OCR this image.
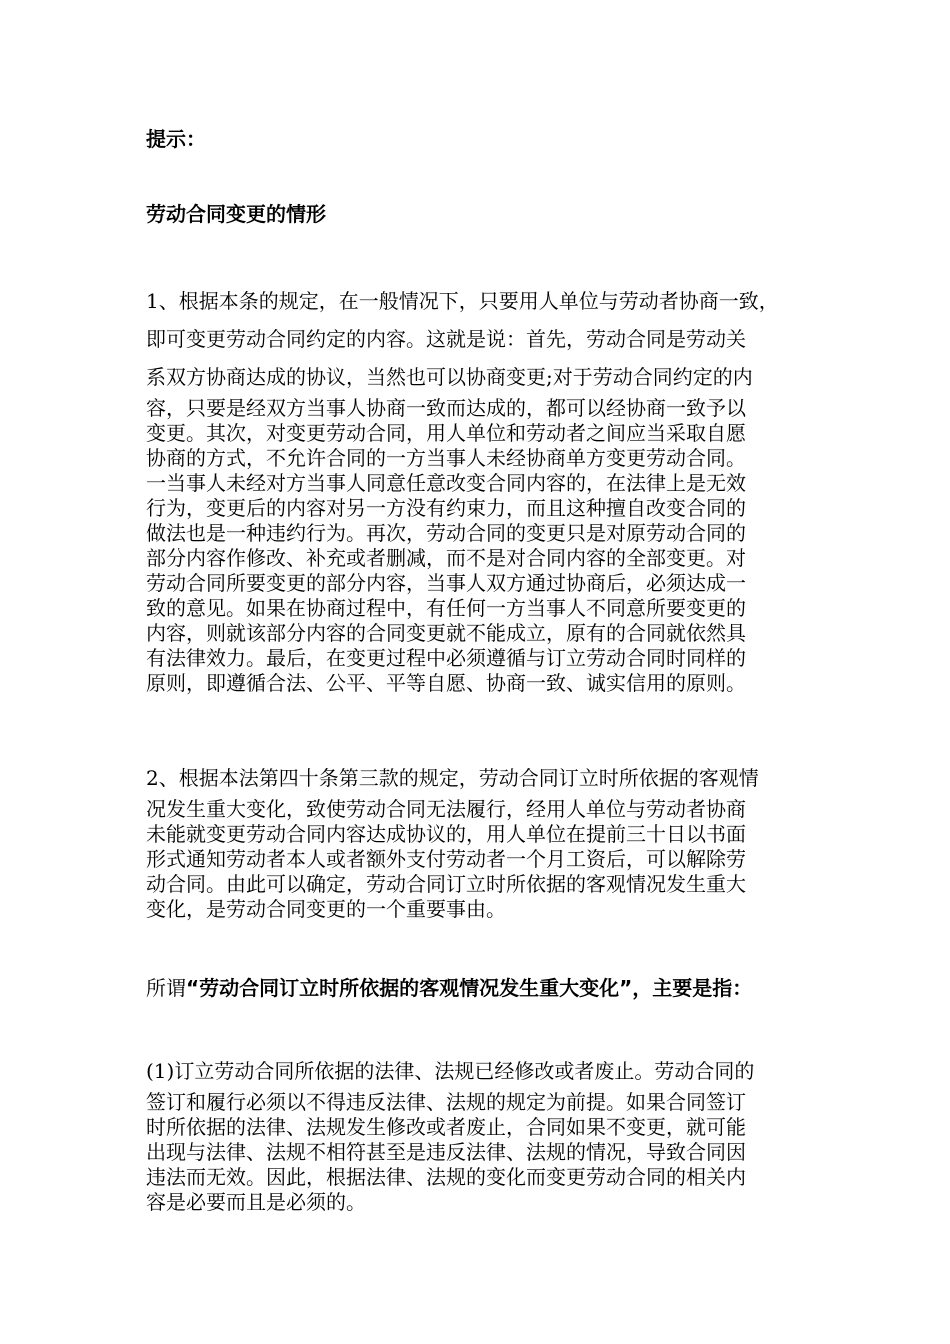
提示：

劳动合同变更的情形

1、根据本条的规定，在一般情况下，只要用人单位与劳动者协商一致，
即可变更劳动合同约定的内容。这就是说：首先，劳动合同是劳动关
系双方协商达成的协议，当然也可以协商变更;对于劳动合同约定的内
容，只要是经双方当事人协商一致而达成的，都可以经协商一致予以
变更。其次，对变更劳动合同，用人单位和劳动者之间应当采取自愿
协商的方式，不允许合同的一方当事人未经协商单方变更劳动合同。
一当事人未经对方当事人同意任意改变合同内容的，在法律上是无效
行为，变更后的内容对另一方没有约束力，而且这种擅自改变合同的
做法也是一种违约行为。再次，劳动合同的变更只是对原劳动合同的
部分内容作修改、补充或者删减，而不是对合同内容的全部变更。对
劳动合同所要变更的部分内容，当事人双方通过协商后，必须达成一
致的意见。如果在协商过程中，有任何一方当事人不同意所要变更的
内容，则就该部分内容的合同变更就不能成立，原有的合同就依然具
有法律效力。最后，在变更过程中必须遵循与订立劳动合同时同样的
原则，即遵循合法、公平、平等自愿、协商一致、诚实信用的原则。
2、根据本法第四十条第三款的规定，劳动合同订立时所依据的客观情
况发生重大变化，致使劳动合同无法履行，经用人单位与劳动者协商
未能就变更劳动合同内容达成协议的，用人单位在提前三十日以书面
形式通知劳动者本人或者额外支付劳动者一个月工资后，可以解除劳
动合同。由此可以确定，劳动合同订立时所依据的客观情况发生重大
变化，是劳动合同变更的一个重要事由。

所谓“劳动合同订立时所依据的客观情况发生重大变化”，主要是指：

(1)订立劳动合同所依据的法律、法规已经修改或者废止。劳动合同的
签订和履行必须以不得违反法律、法规的规定为前提。如果合同签订
时所依据的法律、法规发生修改或者废止，合同如果不变更，就可能
出现与法律、法规不相符甚至是违反法律、法规的情况，导致合同因
违法而无效。因此，根据法律、法规的变化而变更劳动合同的相关内
容是必要而且是必须的。
